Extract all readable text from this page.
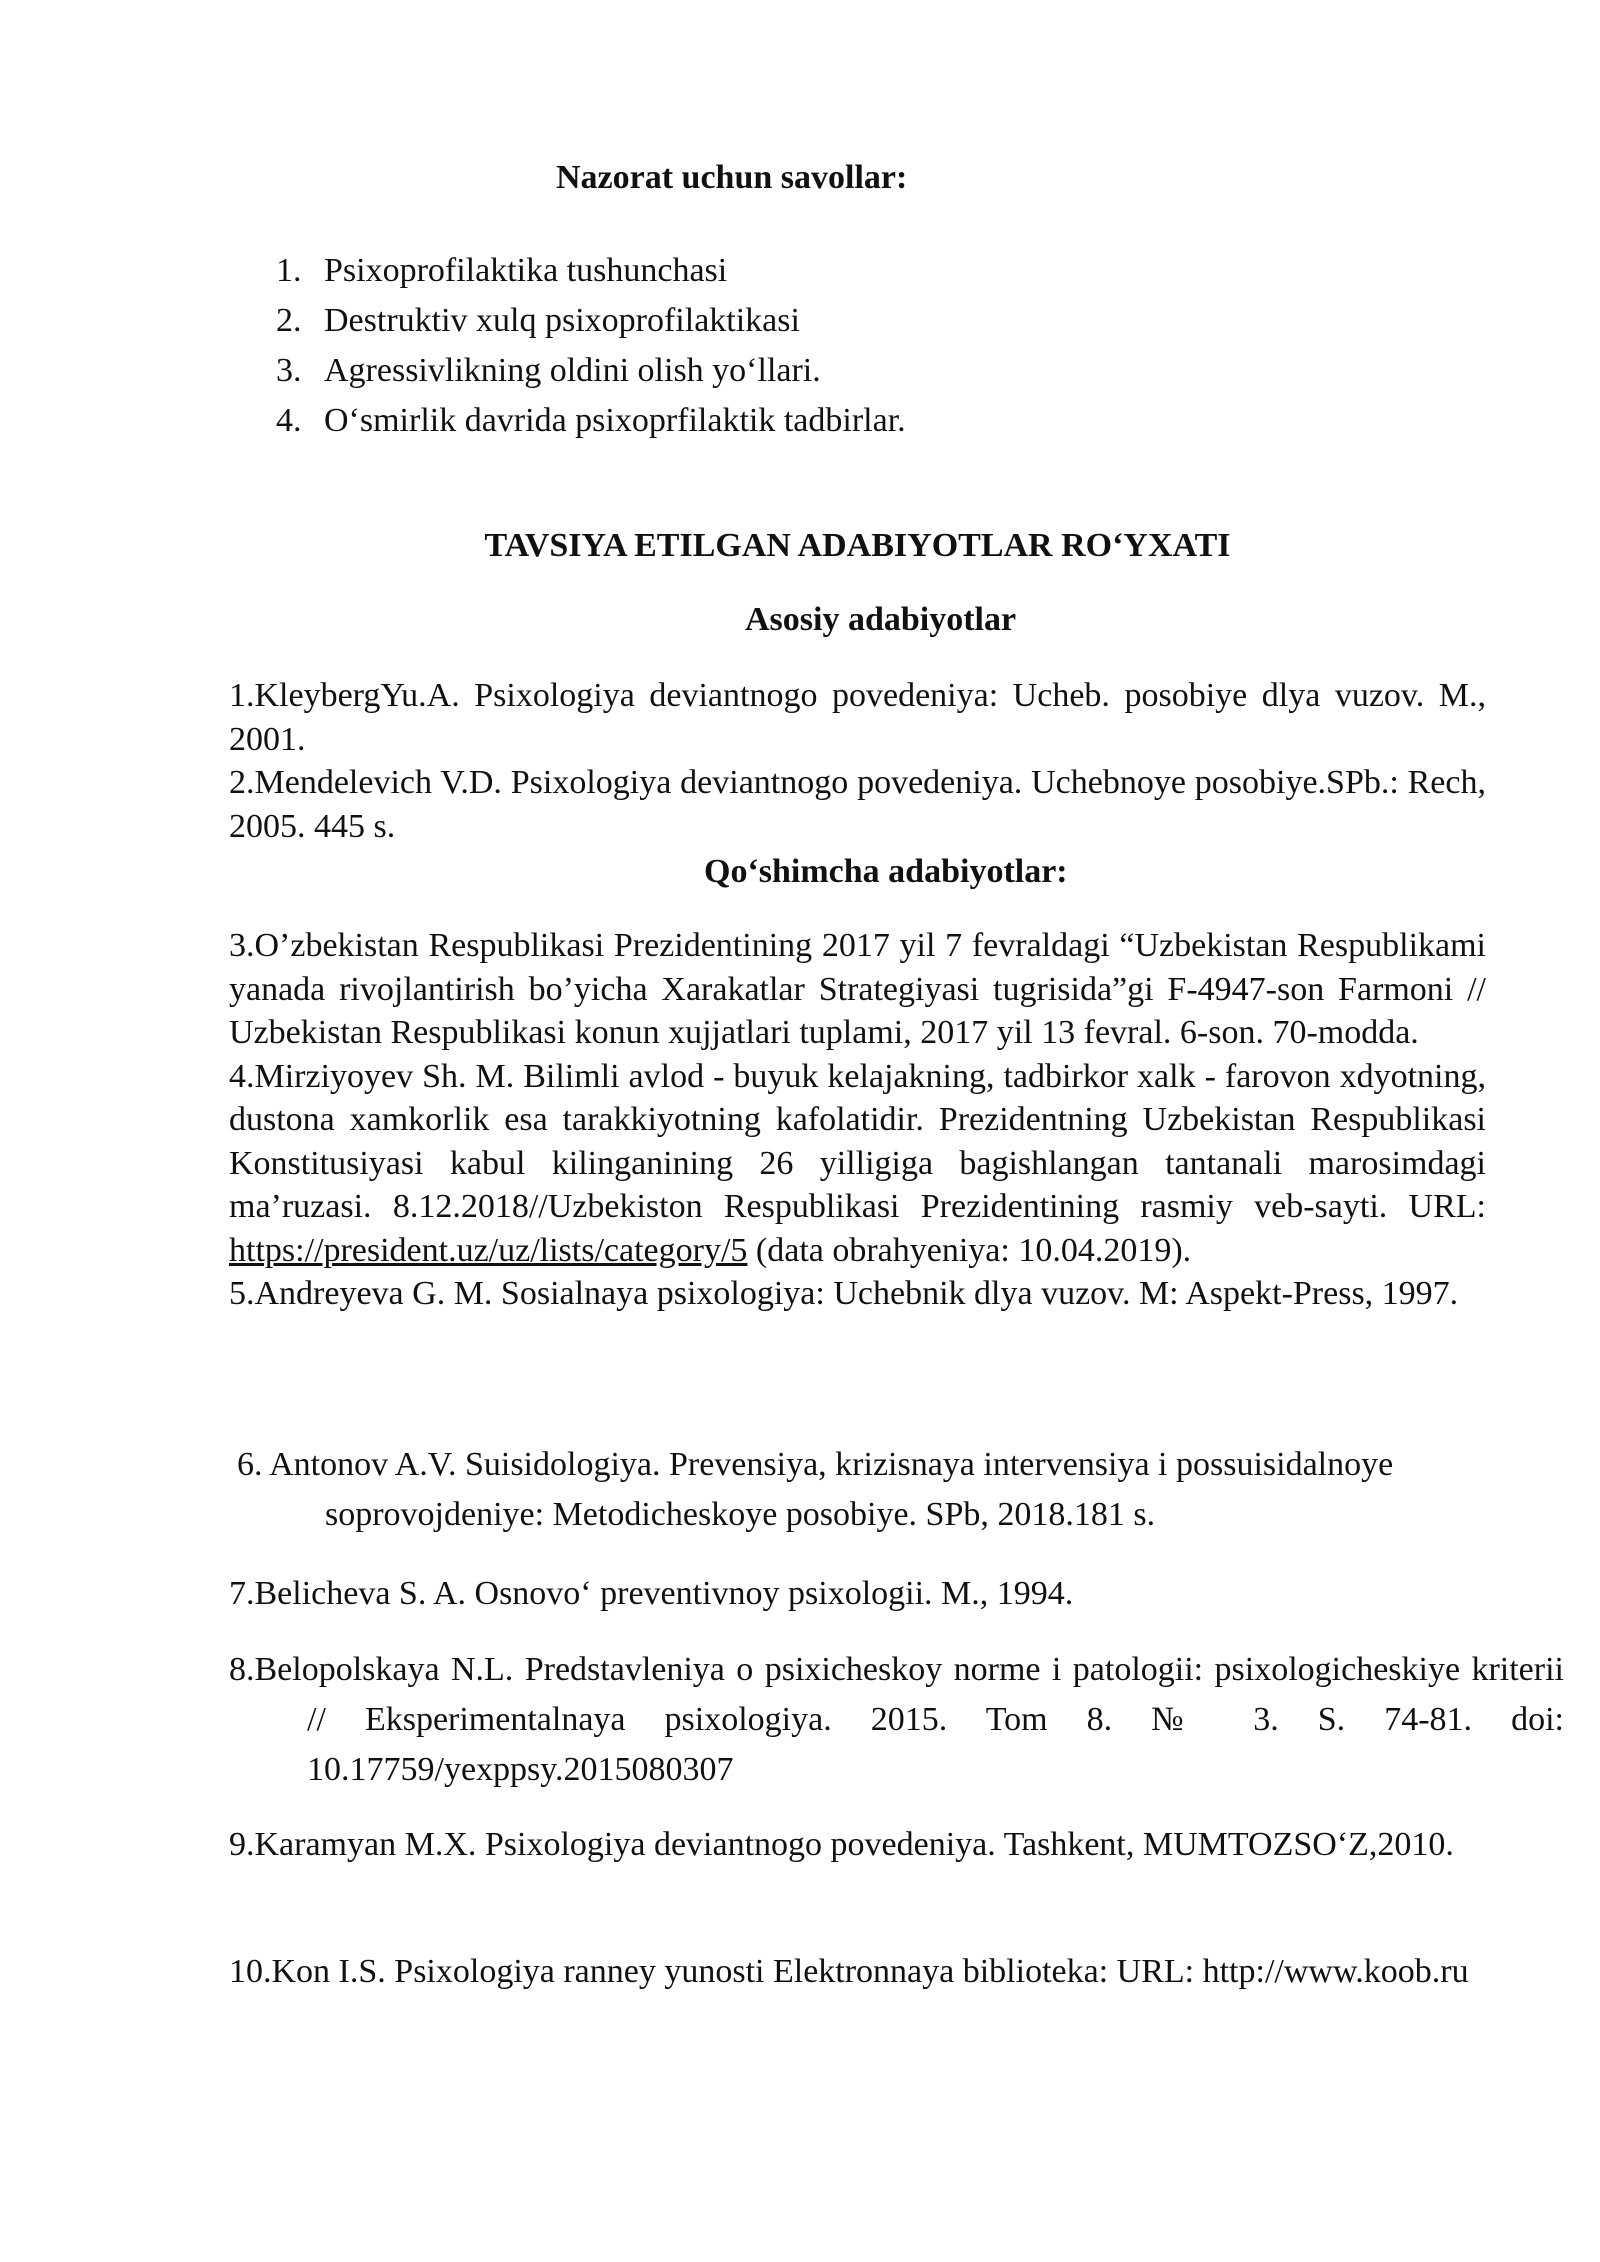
Nazorat uchun savollar:
1. Psixoprofilaktika tushunchasi
2. Destruktiv xulq psixoprofilaktikasi
3. Agressivlikning oldini olish yo‘llari.
4. O‘smirlik davrida psixoprfilaktik tadbirlar.
TAVSIYA ETILGAN ADABIYOTLAR RO‘YXATI
Asosiy adabiyotlar

1.KleybergYu.A. Psixologiya deviantnogo povedeniya: Ucheb. posobiye dlya vuzov. M., 2001.

2.Mendelevich V.D. Psixologiya deviantnogo povedeniya. Uchebnoye posobiye.SPb.: Rech, 2005. 445 s.

Qo‘shimcha adabiyotlar:

3.O’zbekistan Respublikasi Prezidentining 2017 yil 7 fevraldagi “Uzbekistan Respublikami yanada rivojlantirish bo’yicha Xarakatlar Strategiyasi tugrisida”gi F-4947-son Farmoni // Uzbekistan Respublikasi konun xujjatlari tuplami, 2017 yil 13 fevral. 6-son. 70-modda.

4.Mirziyoyev Sh. M. Bilimli avlod - buyuk kelajakning, tadbirkor xalk - farovon xdyotning, dustona xamkorlik esa tarakkiyotning kafolatidir. Prezidentning Uzbekistan Respublikasi Konstitusiyasi kabul kilinganining 26 yilligiga bagishlangan tantanali marosimdagi ma’ruzasi. 8.12.2018//Uzbekiston Respublikasi Prezidentining rasmiy veb-sayti. URL: https://president.uz/uz/lists/category/5 (data obrahyeniya: 10.04.2019).

5.Andreyeva G. M. Sosialnaya psixologiya: Uchebnik dlya vuzov. M: Aspekt-Press, 1997.

6. Antonov A.V. Suisidologiya. Prevensiya, krizisnaya intervensiya i possuisidalnoye
soprovojdeniye: Metodicheskoye posobiye. SPb, 2018.181 s.
7.Belicheva S. A. Osnovo‘ preventivnoy psixologii. M., 1994.
8.Belopolskaya N.L. Predstavleniya o psixicheskoy norme i patologii: psixologicheskiye kriterii // Eksperimentalnaya psixologiya. 2015. Tom 8. № 3. S. 74-81. doi: 10.17759/yexppsy.2015080307
9.Karamyan M.X. Psixologiya deviantnogo povedeniya. Tashkent, MUMTOZSO‘Z,2010.
10.Kon I.S. Psixologiya ranney yunosti Elektronnaya biblioteka: URL: http://www.koob.ru
